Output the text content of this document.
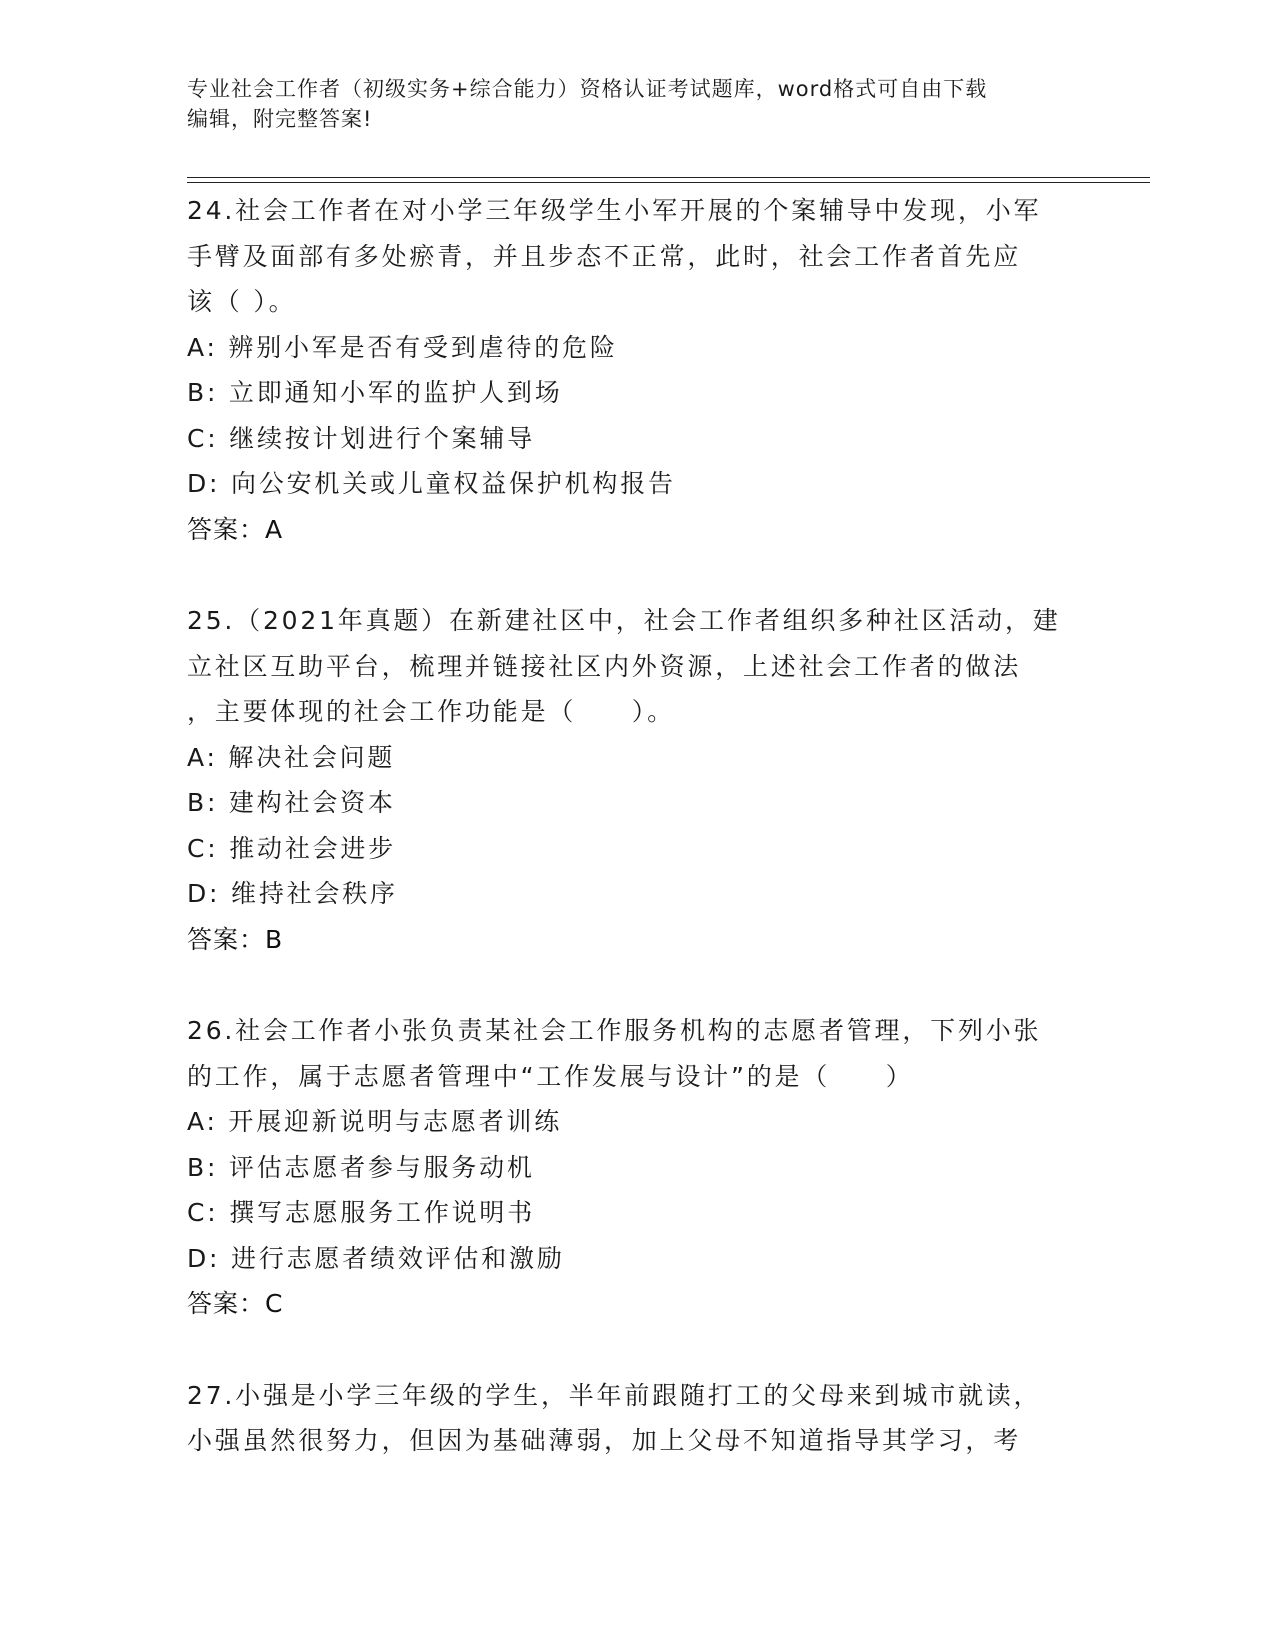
专业社会工作者（初级实务+综合能力）资格认证考试题库，word格式可自由下载
编辑，附完整答案!
24.社会工作者在对小学三年级学生小军开展的个案辅导中发现，小军
手臂及面部有多处瘀青，并且步态不正常，此时，社会工作者首先应
该（ ）。
A: 辨别小军是否有受到虐待的危险
B: 立即通知小军的监护人到场
C: 继续按计划进行个案辅导
D: 向公安机关或儿童权益保护机构报告
答案：A
25.（2021年真题）在新建社区中，社会工作者组织多种社区活动，建
立社区互助平台，梳理并链接社区内外资源，上述社会工作者的做法
，主要体现的社会工作功能是（　　）。
A: 解决社会问题
B: 建构社会资本
C: 推动社会进步
D: 维持社会秩序
答案：B
26.社会工作者小张负责某社会工作服务机构的志愿者管理，下列小张
的工作，属于志愿者管理中“工作发展与设计”的是（　　）
A: 开展迎新说明与志愿者训练
B: 评估志愿者参与服务动机
C: 撰写志愿服务工作说明书
D: 进行志愿者绩效评估和激励
答案：C
27.小强是小学三年级的学生，半年前跟随打工的父母来到城市就读，
小强虽然很努力，但因为基础薄弱，加上父母不知道指导其学习，考
